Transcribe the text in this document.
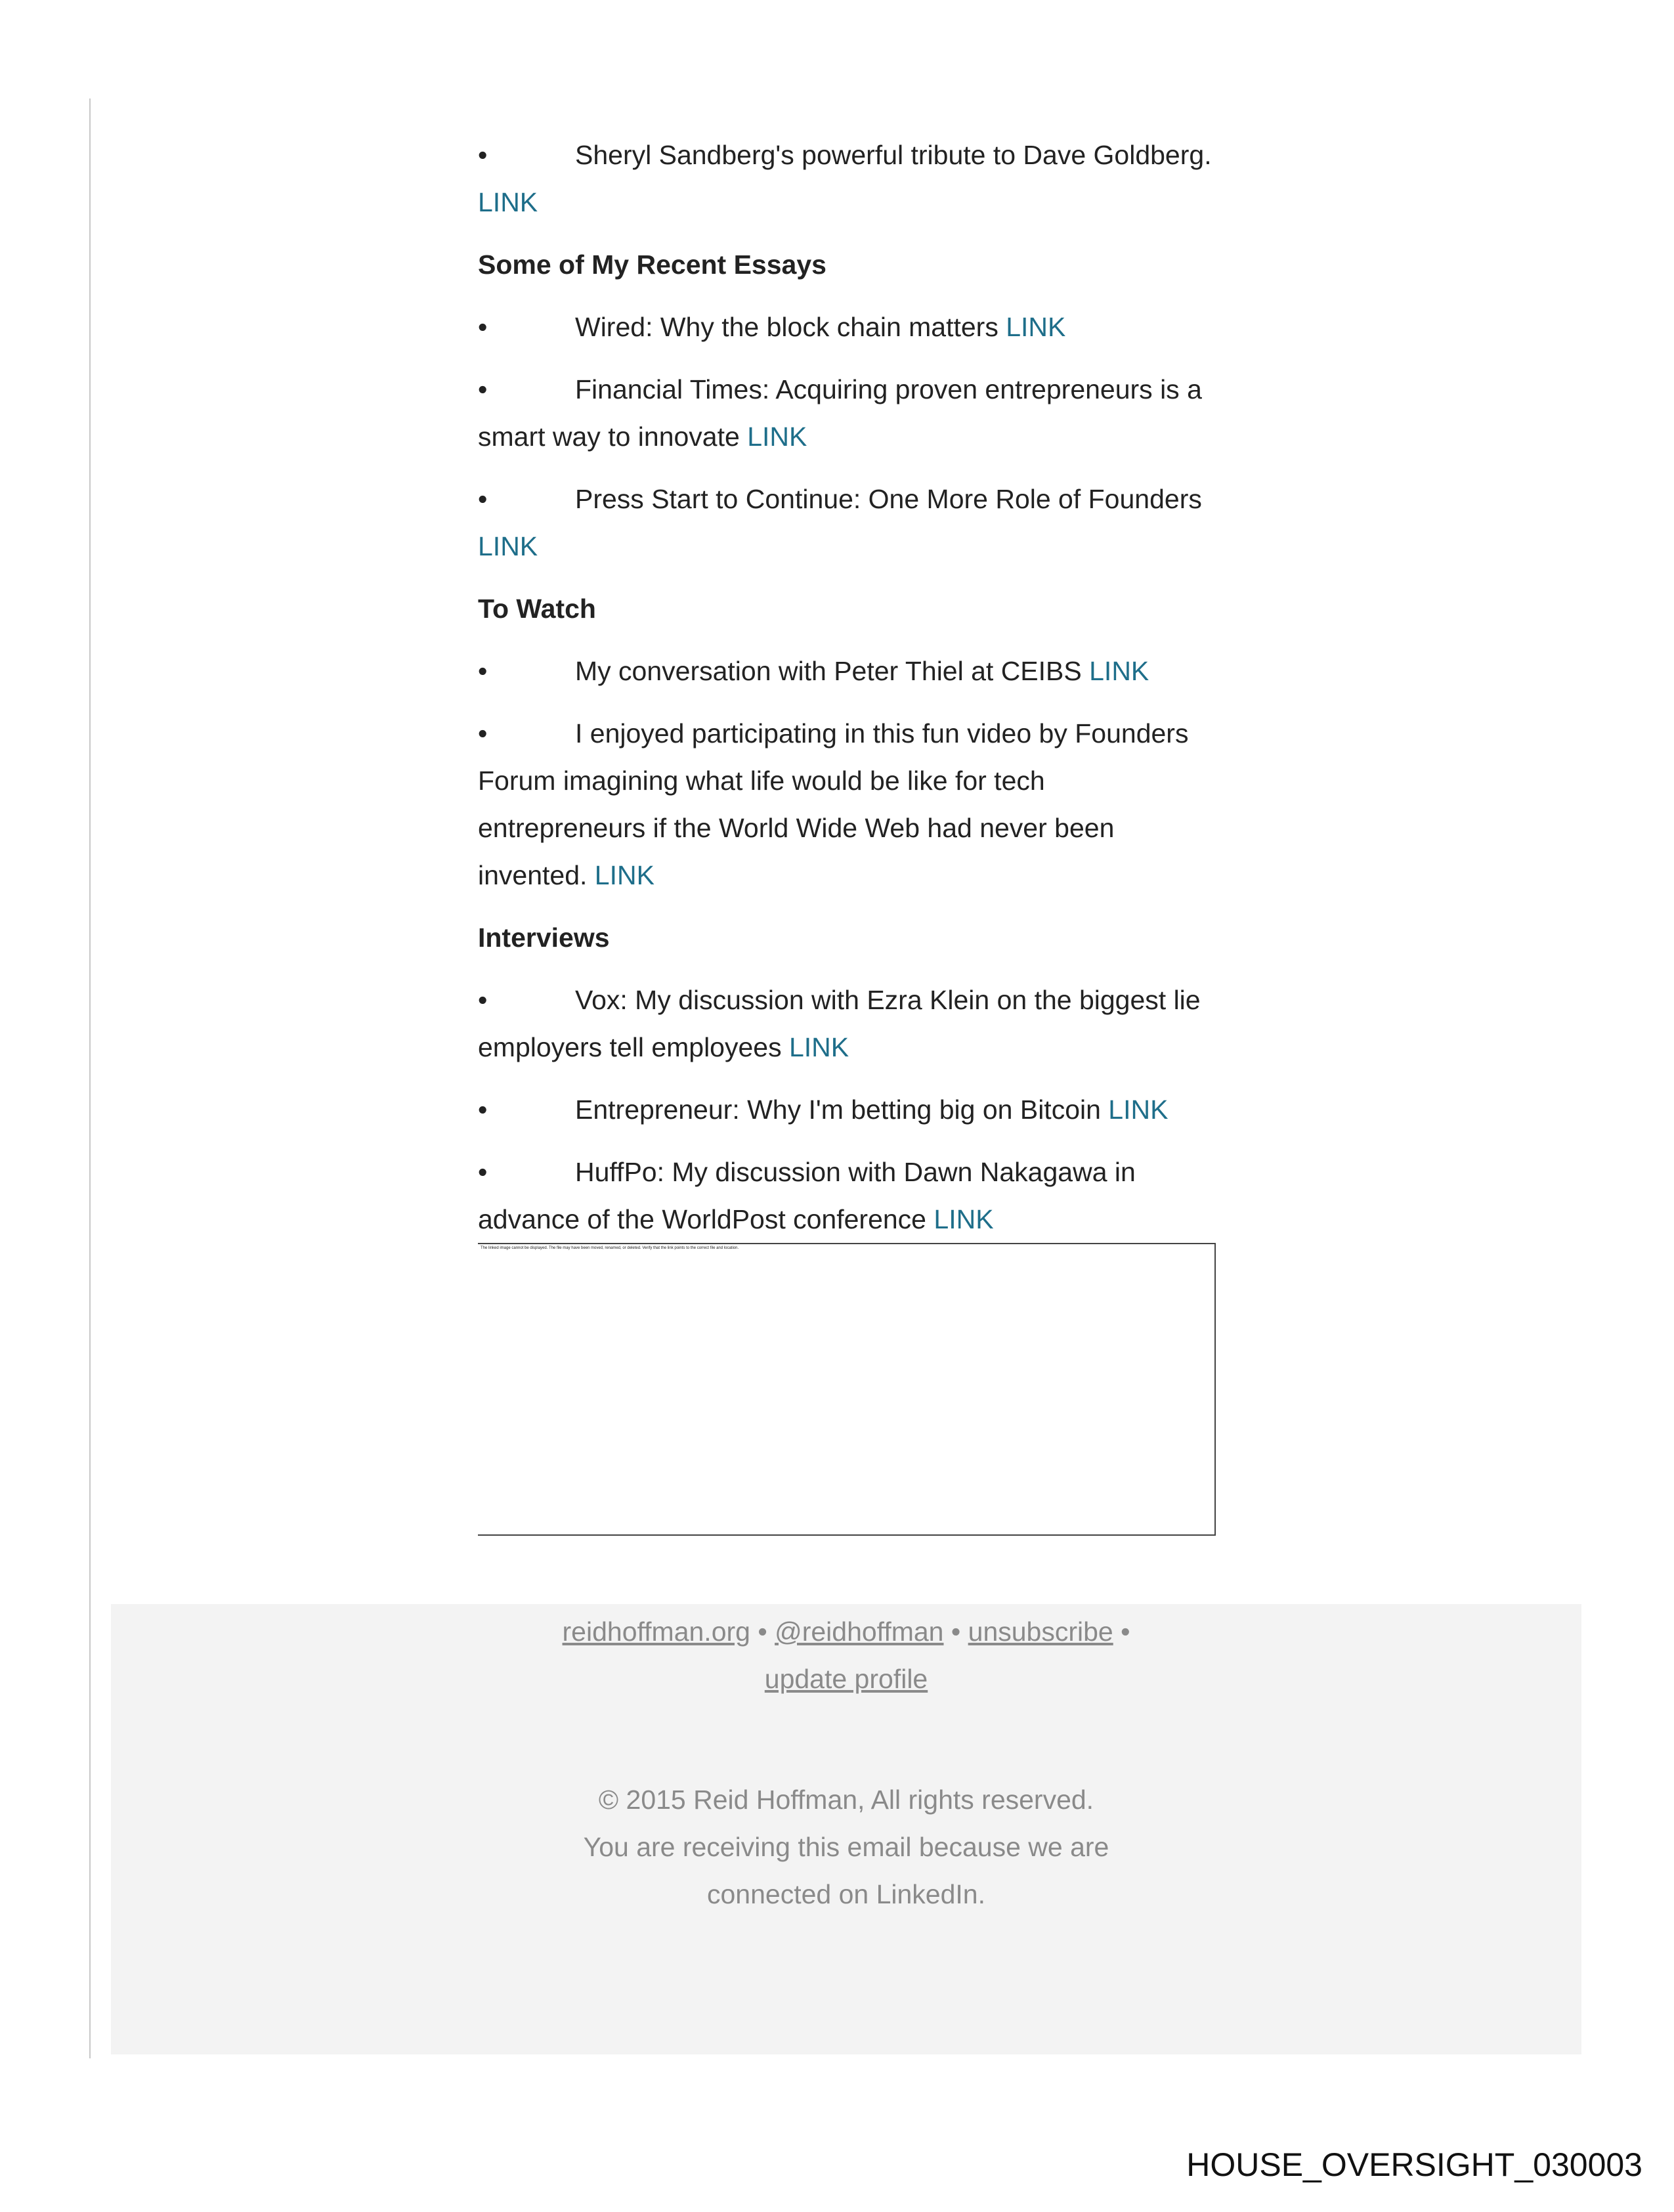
•	Sheryl Sandberg's powerful tribute to Dave Goldberg. LINK
Some of My Recent Essays
•	Wired: Why the block chain matters LINK
•	Financial Times: Acquiring proven entrepreneurs is a smart way to innovate LINK
•	Press Start to Continue: One More Role of Founders LINK
To Watch
•	My conversation with Peter Thiel at CEIBS LINK
•	I enjoyed participating in this fun video by Founders Forum imagining what life would be like for tech entrepreneurs if the World Wide Web had never been invented. LINK
Interviews
•	Vox: My discussion with Ezra Klein on the biggest lie employers tell employees LINK
•	Entrepreneur: Why I'm betting big on Bitcoin LINK
•	HuffPo: My discussion with Dawn Nakagawa in advance of the WorldPost conference LINK
The linked image cannot be displayed. The file may have been moved, renamed, or deleted. Verify that the link points to the correct file and location.
reidhoffman.org • @reidhoffman • unsubscribe •
update profile
© 2015 Reid Hoffman, All rights reserved.
You are receiving this email because we are
connected on LinkedIn.
HOUSE_OVERSIGHT_030003
